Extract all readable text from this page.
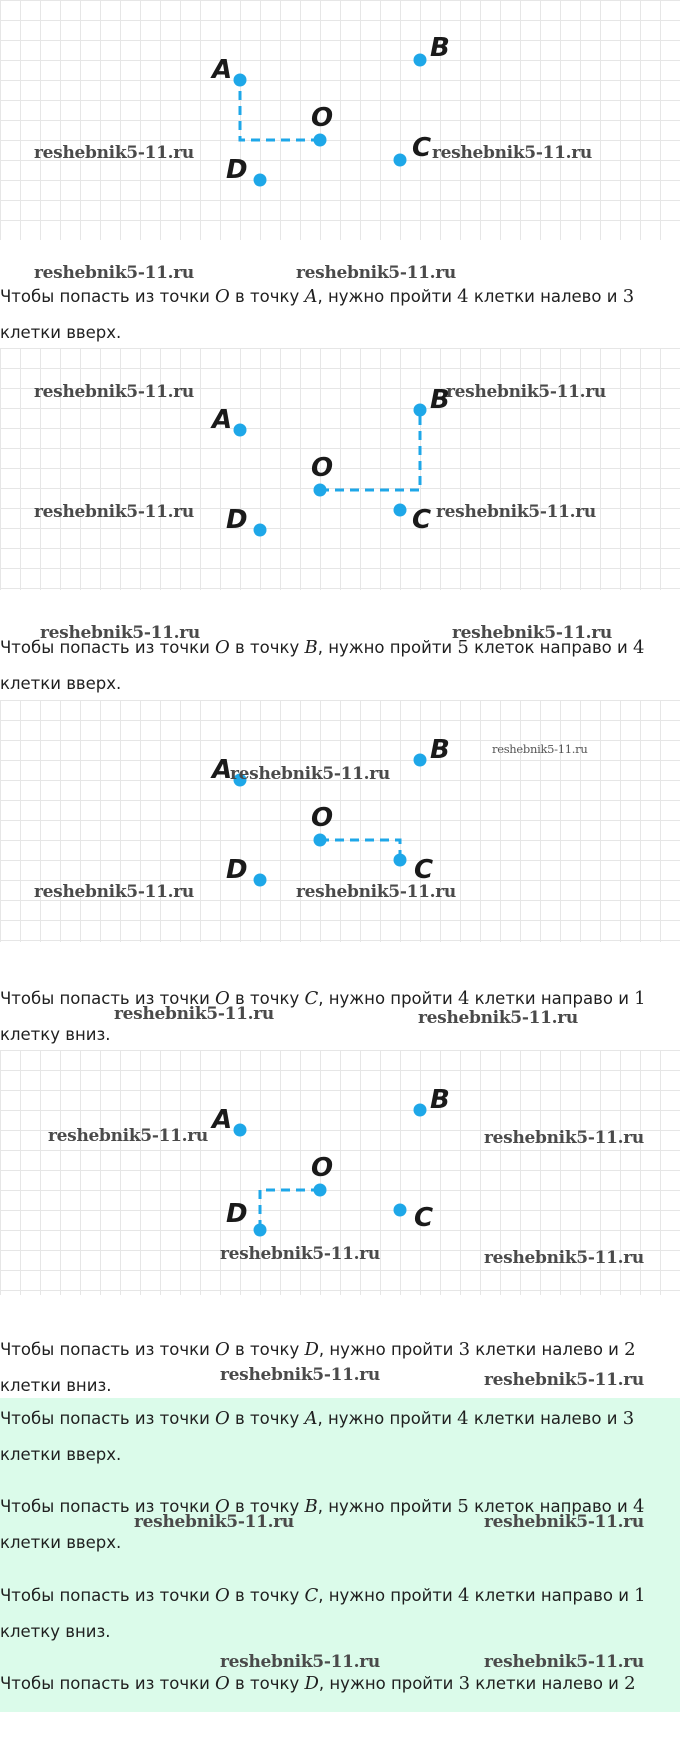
A
B
O
C
D
reshebnik5-11.ru	reshebnik5-11.ru
reshebnik5-11.ru	reshebnik5-11.ru
Чтобы попасть из точки O в точку A, нужно пройти 4 клетки налево и 3 клетки вверх.
A
B
O
C
D
reshebnik5-11.ru	reshebnik5-11.ru
reshebnik5-11.ru	reshebnik5-11.ru
Чтобы попасть из точки O в точку B, нужно пройти 5 клеток направо и 4 клетки вверх.
reshebnik5-11.ru	reshebnik5-11.ru
A
B
O
C
D
reshebnik5-11.ru
reshebnik5-11.ru
reshebnik5-11.ru	reshebnik5-11.ru
Чтобы попасть из точки O в точку C, нужно пройти 4 клетки направо и 1 клетку вниз.
reshebnik5-11.ru	reshebnik5-11.ru
A
B
O
C
D
reshebnik5-11.ru	reshebnik5-11.ru
reshebnik5-11.ru	reshebnik5-11.ru
Чтобы попасть из точки O в точку D, нужно пройти 3 клетки налево и 2 клетки вниз.
reshebnik5-11.ru	reshebnik5-11.ru
Чтобы попасть из точки O в точку A, нужно пройти 4 клетки налево и 3 клетки вверх.
Чтобы попасть из точки O в точку B, нужно пройти 5 клеток направо и 4 клетки вверх.
reshebnik5-11.ru	reshebnik5-11.ru
Чтобы попасть из точки O в точку C, нужно пройти 4 клетки направо и 1 клетку вниз.
reshebnik5-11.ru	reshebnik5-11.ru
Чтобы попасть из точки O в точку D, нужно пройти 3 клетки налево и 2
